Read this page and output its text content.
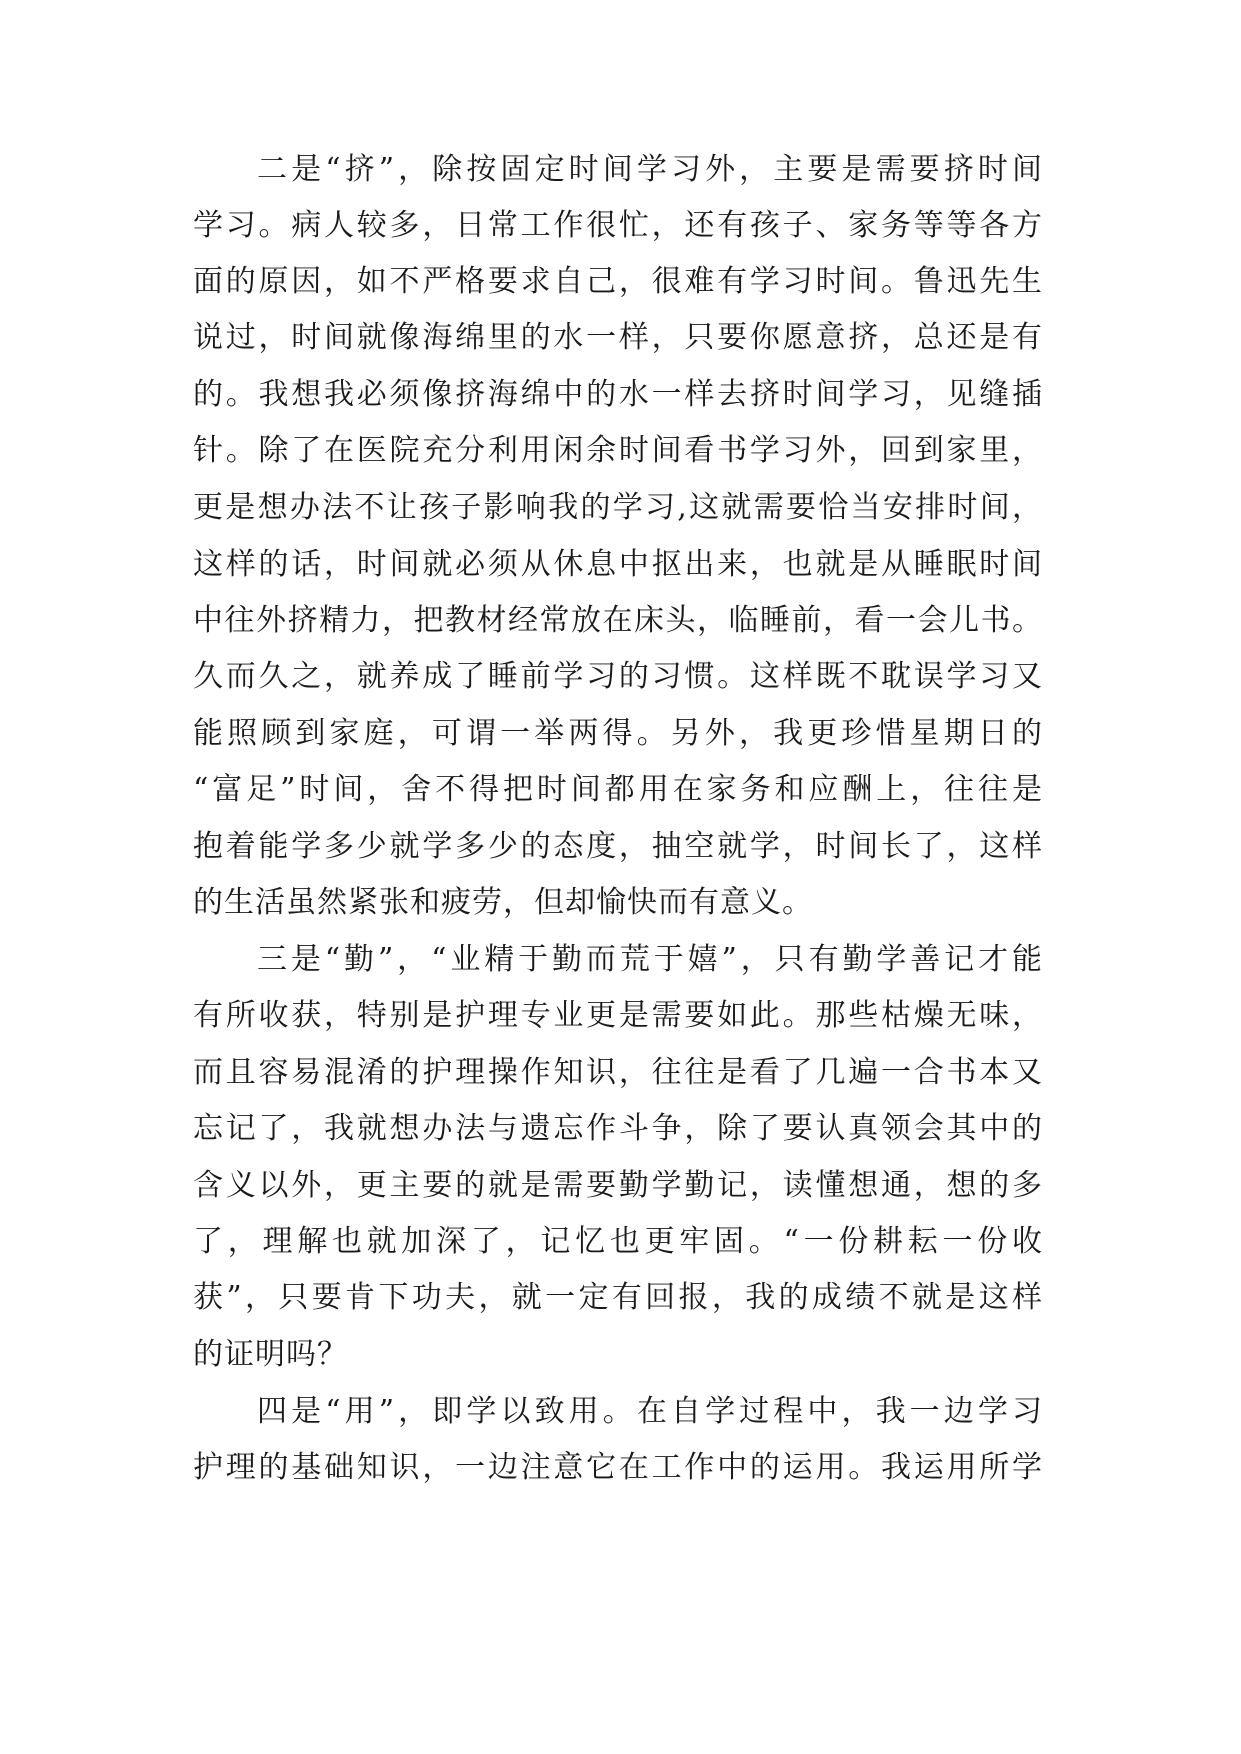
二是“挤”，除按固定时间学习外，主要是需要挤时间

学习。病人较多，日常工作很忙，还有孩子、家务等等各方

面的原因，如不严格要求自己，很难有学习时间。鲁迅先生

说过，时间就像海绵里的水一样，只要你愿意挤，总还是有

的。我想我必须像挤海绵中的水一样去挤时间学习，见缝插

针。除了在医院充分利用闲余时间看书学习外，回到家里，

更是想办法不让孩子影响我的学习,这就需要恰当安排时间，

这样的话，时间就必须从休息中抠出来，也就是从睡眠时间

中往外挤精力，把教材经常放在床头，临睡前，看一会儿书。

久而久之，就养成了睡前学习的习惯。这样既不耽误学习又

能照顾到家庭，可谓一举两得。另外，我更珍惜星期日的

“富足”时间，舍不得把时间都用在家务和应酬上，往往是

抱着能学多少就学多少的态度，抽空就学，时间长了，这样

的生活虽然紧张和疲劳，但却愉快而有意义。

三是“勤”，“业精于勤而荒于嬉”，只有勤学善记才能

有所收获，特别是护理专业更是需要如此。那些枯燥无味，

而且容易混淆的护理操作知识，往往是看了几遍一合书本又

忘记了，我就想办法与遗忘作斗争，除了要认真领会其中的

含义以外，更主要的就是需要勤学勤记，读懂想通，想的多

了，理解也就加深了，记忆也更牢固。“一份耕耘一份收

获”，只要肯下功夫，就一定有回报，我的成绩不就是这样

的证明吗？

四是“用”，即学以致用。在自学过程中，我一边学习

护理的基础知识，一边注意它在工作中的运用。我运用所学
